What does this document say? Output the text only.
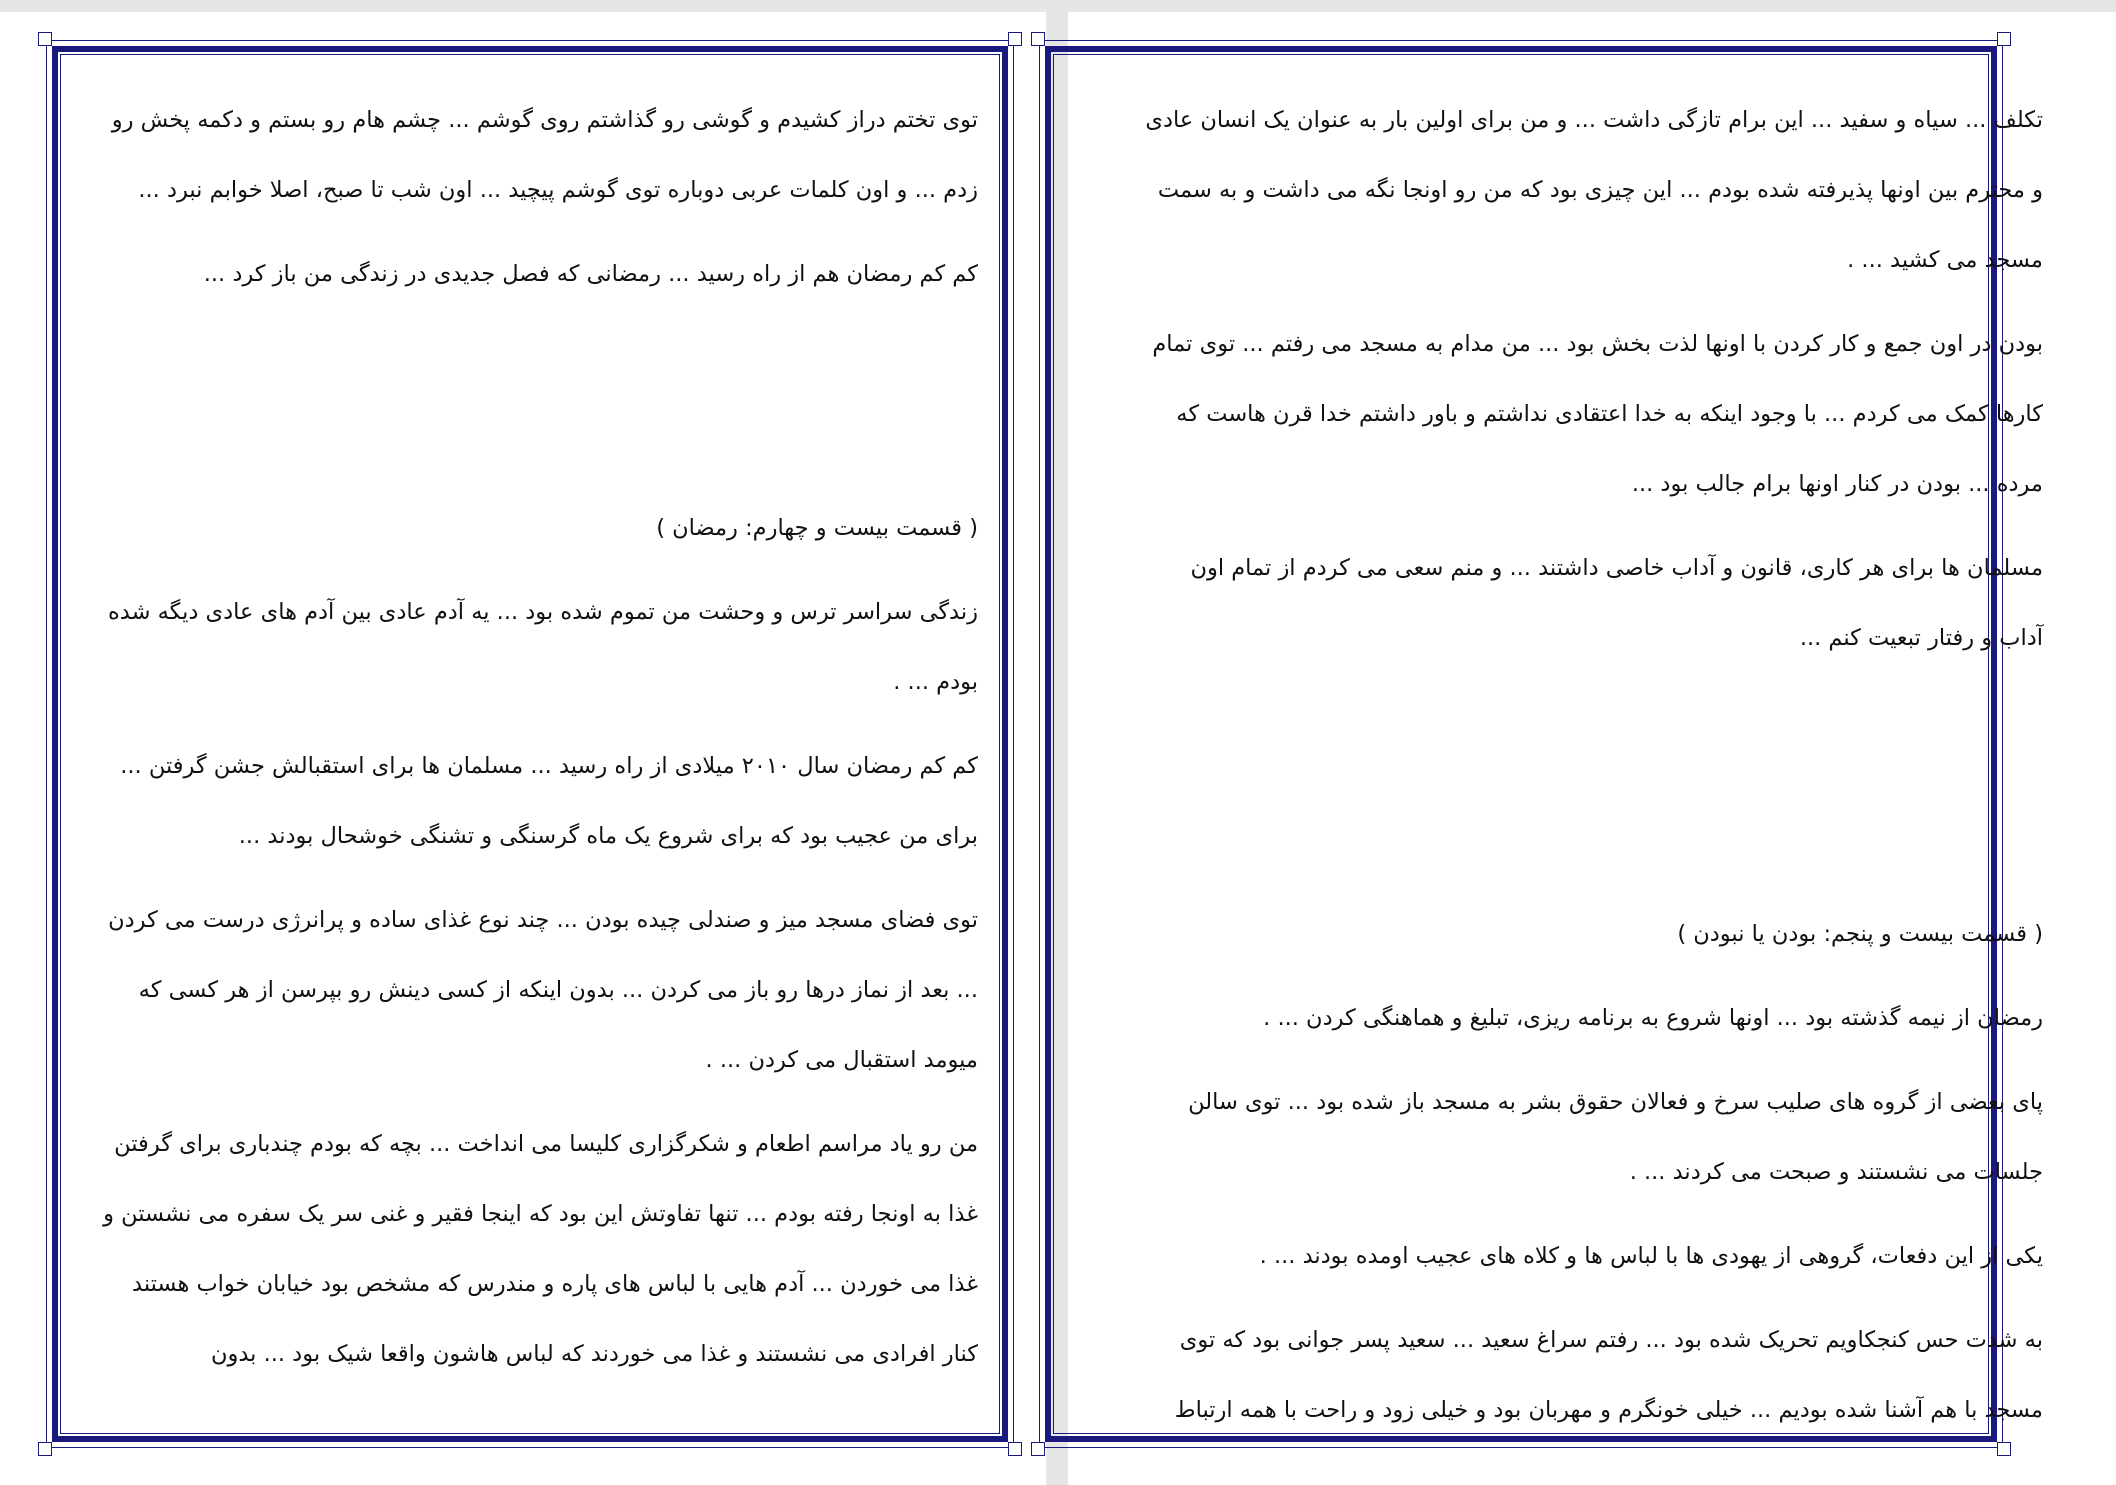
توی تختم دراز کشیدم و گوشی رو گذاشتم روی گوشم ... چشم هام رو بستم و دکمه پخش رو زدم ... و اون کلمات عربی دوباره توی گوشم پیچید ... اون شب تا صبح، اصلا خوابم نبرد ...

کم کم رمضان هم از راه رسید ... رمضانی که فصل جدیدی در زندگی من باز کرد ...

( قسمت بیست و چهارم: رمضان )

زندگی سراسر ترس و وحشت من تموم شده بود ... یه آدم عادی بین آدم های عادی دیگه شده بودم ... .

کم کم رمضان سال ۲۰۱۰ میلادی از راه رسید ... مسلمان ها برای استقبالش جشن گرفتن ... برای من عجیب بود که برای شروع یک ماه گرسنگی و تشنگی خوشحال بودند ...

توی فضای مسجد میز و صندلی چیده بودن ... چند نوع غذای ساده و پرانرژی درست می کردن ... بعد از نماز درها رو باز می کردن ... بدون اینکه از کسی دینش رو بپرسن از هر کسی که میومد استقبال می کردن ... .

من رو یاد مراسم اطعام و شکرگزاری کلیسا می انداخت ... بچه که بودم چندباری برای گرفتن غذا به اونجا رفته بودم ... تنها تفاوتش این بود که اینجا فقیر و غنی سر یک سفره می نشستن و غذا می خوردن ... آدم هایی با لباس های پاره و مندرس که مشخص بود خیابان خواب هستند کنار افرادی می نشستند و غذا می خوردند که لباس هاشون واقعا شیک بود ... بدون

تکلف ... سیاه و سفید ... این برام تازگی داشت ... و من برای اولین بار به عنوان یک انسان عادی و محترم بین اونها پذیرفته شده بودم ... این چیزی بود که من رو اونجا نگه می داشت و به سمت مسجد می کشید ... .

بودن در اون جمع و کار کردن با اونها لذت بخش بود ... من مدام به مسجد می رفتم ... توی تمام کارها کمک می کردم ... با وجود اینکه به خدا اعتقادی نداشتم و باور داشتم خدا قرن هاست که مرده ... بودن در کنار اونها برام جالب بود ...

مسلمان ها برای هر کاری، قانون و آداب خاصی داشتند ... و منم سعی می کردم از تمام اون آداب و رفتار تبعیت کنم ...

( قسمت بیست و پنجم: بودن یا نبودن )

رمضان از نیمه گذشته بود ... اونها شروع به برنامه ریزی، تبلیغ و هماهنگی کردن ... .

پای بعضی از گروه های صلیب سرخ و فعالان حقوق بشر به مسجد باز شده بود ... توی سالن جلسات می نشستند و صبحت می کردند ... .

یکی از این دفعات، گروهی از یهودی ها با لباس ها و کلاه های عجیب اومده بودند ... .

به شدت حس کنجکاویم تحریک شده بود ... رفتم سراغ سعید ... سعید پسر جوانی بود که توی مسجد با هم آشنا شده بودیم ... خیلی خونگرم و مهربان بود و خیلی زود و راحت با همه ارتباط
